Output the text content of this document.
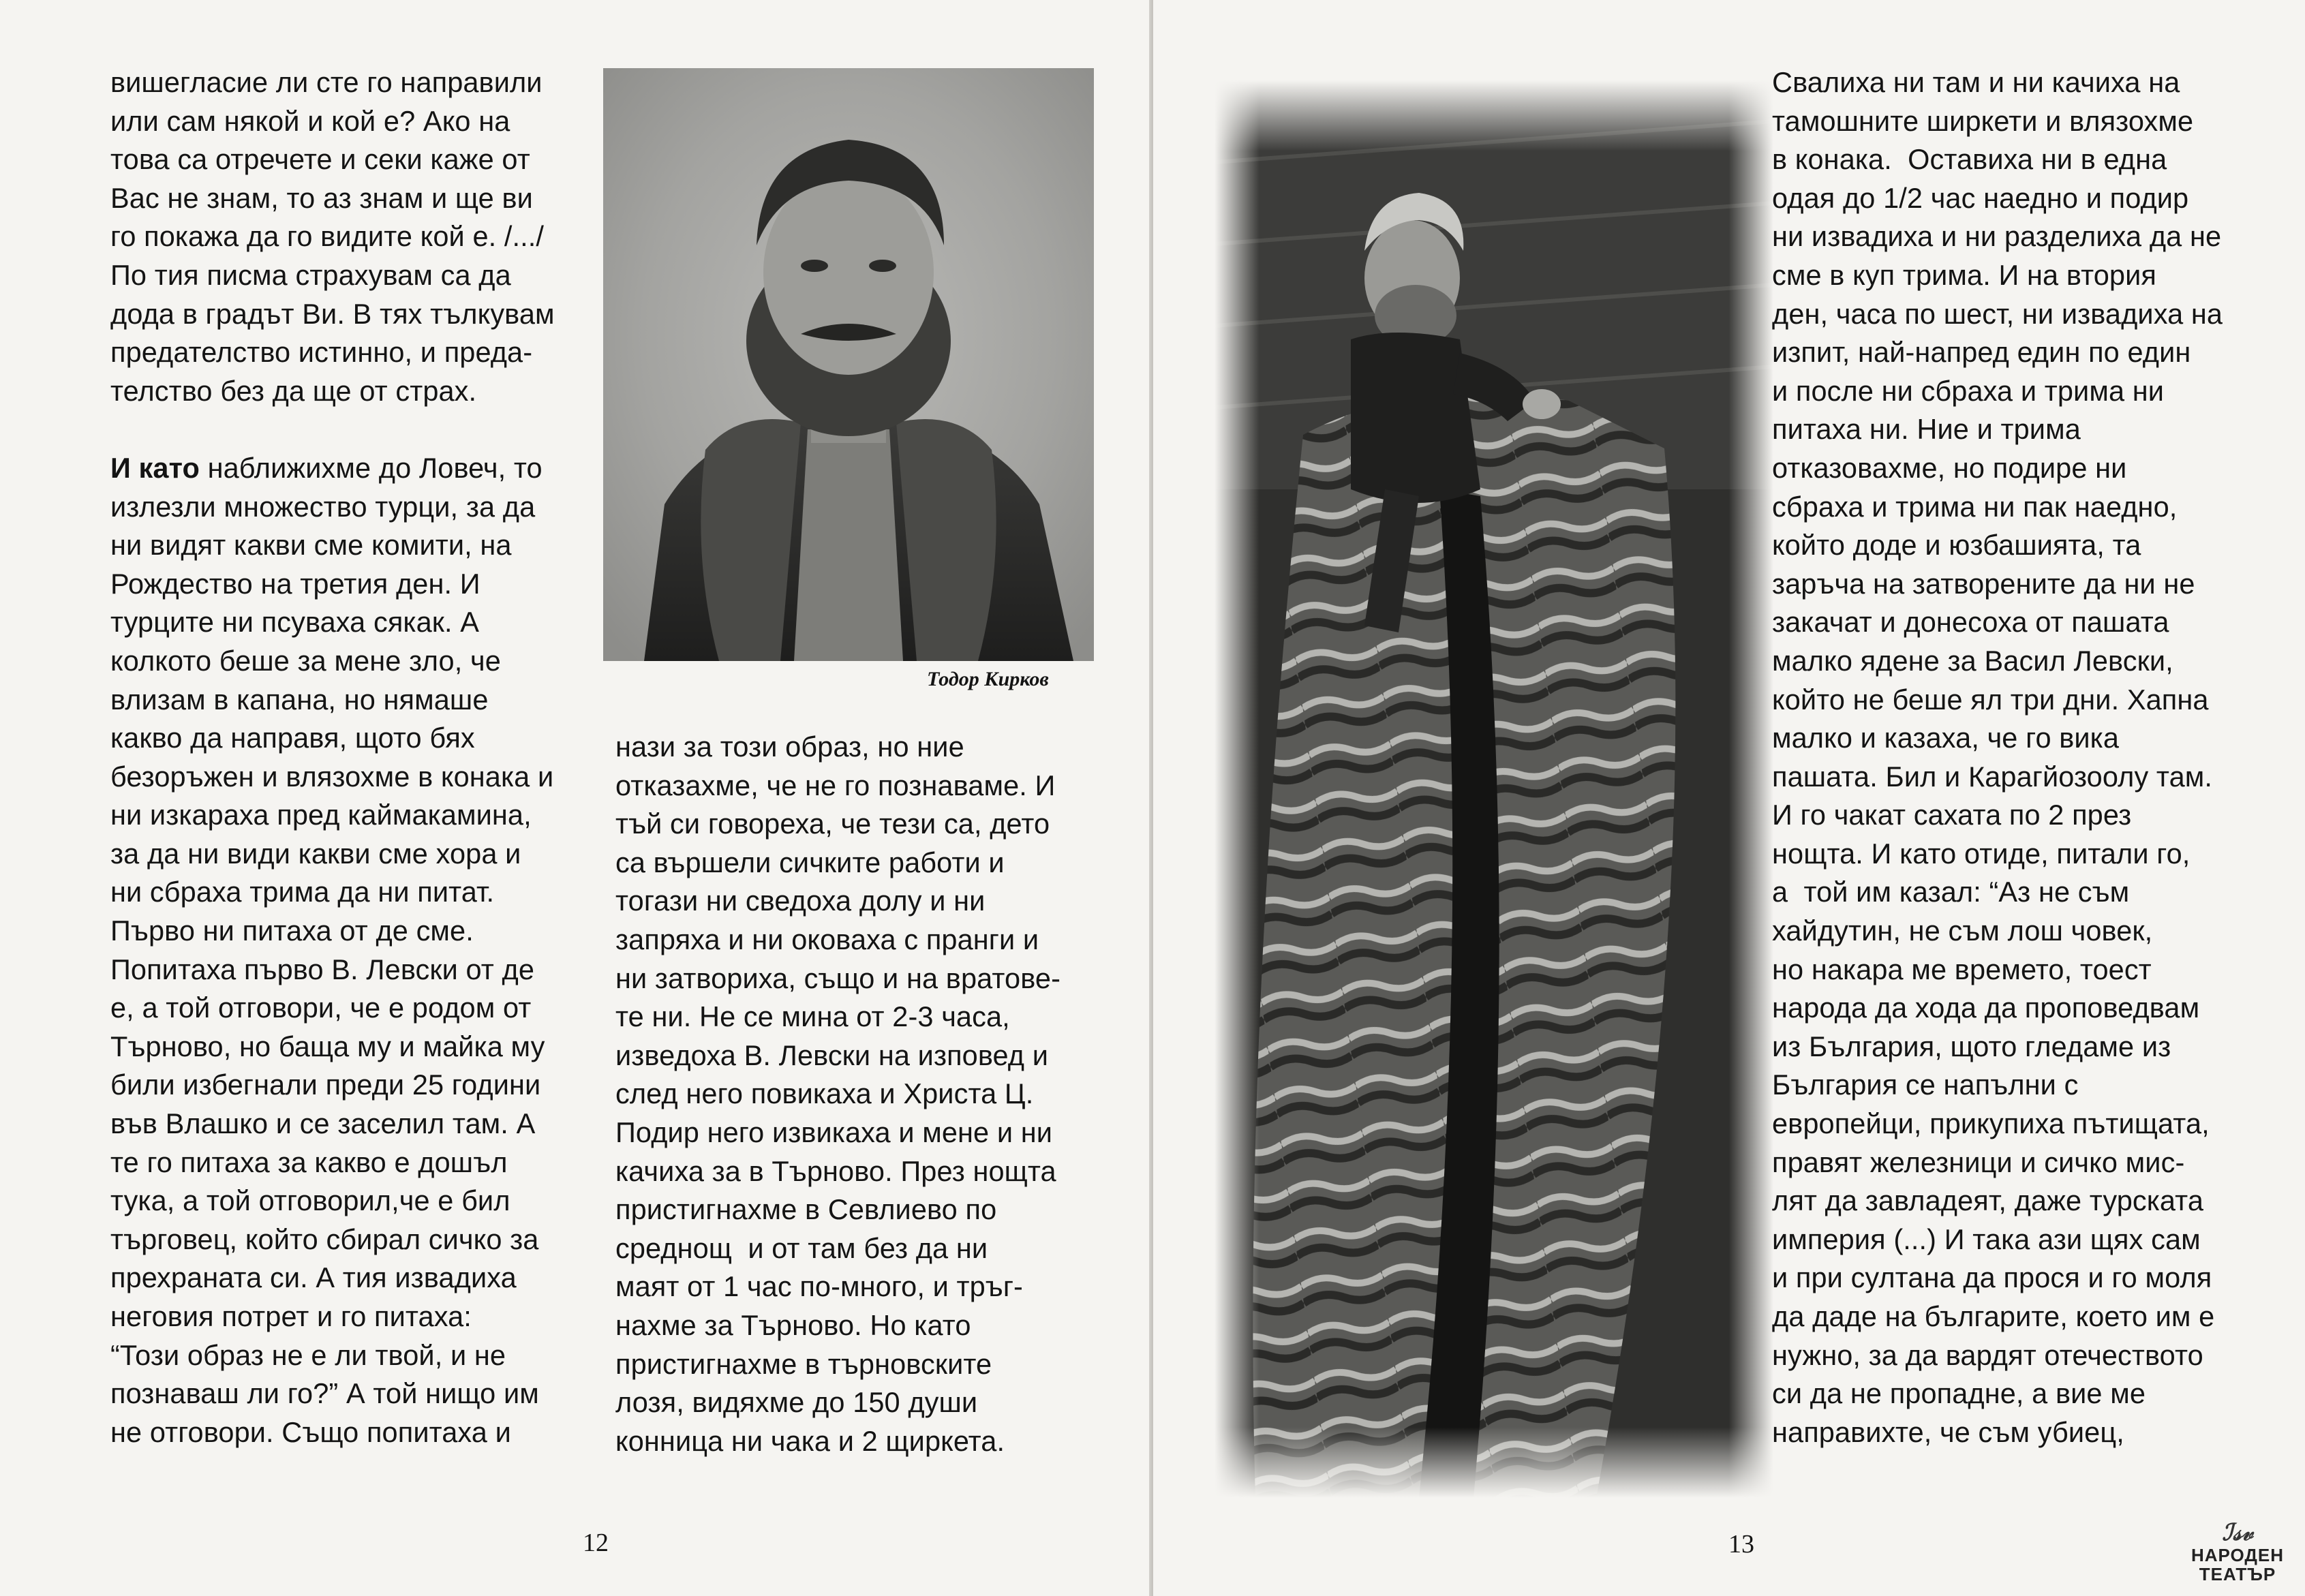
вишегласие ли сте го направили
или сам някой и кой е? Ако на
това са отречете и секи каже от
Вас не знам, то аз знам и ще ви
го покажа да го видите кой е. /.../
По тия писма страхувам са да
дода в градът Ви. В тях тълкувам
предателство истинно, и преда-
телство без да ще от страх.
И като наближихме до Ловеч, то
излезли множество турци, за да
ни видят какви сме комити, на
Рождество на третия ден. И
турците ни псуваха сякак. А
колкото беше за мене зло, че
влизам в капана, но нямаше
какво да направя, щото бях
безоръжен и влязохме в конака и
ни изкараха пред каймакамина,
за да ни види какви сме хора и
ни сбраха трима да ни питат.
Първо ни питаха от де сме.
Попитаха първо В. Левски от де
е, а той отговори, че е родом от
Търново, но баща му и майка му
били избегнали преди 25 години
във Влашко и се заселил там. А
те го питаха за какво е дошъл
тука, а той отговорил,че е бил
търговец, който сбирал сичко за
прехраната си. А тия извадиха
неговия потрет и го питаха:
“Този образ не е ли твой, и не
познаваш ли го?” А той нищо им
не отговори. Също попитаха и
Тодор Кирков
нази за този образ, но ние
отказахме, че не го познаваме. И
тъй си говореха, че тези са, дето
са вършели сичките работи и
тогази ни сведоха долу и ни
запряха и ни оковаха с пранги и
ни затвориха, също и на вратове-
те ни. Не се мина от 2-3 часа,
изведоха В. Левски на изповед и
след него повикаха и Христа Ц.
Подир него извикаха и мене и ни
качиха за в Търново. През нощта
пристигнахме в Севлиево по
среднощ  и от там без да ни
маят от 1 час по-много, и тръг-
нахме за Търново. Но като
пристигнахме в търновските
лозя, видяхме до 150 души
конница ни чака и 2 щиркета.
12
Свалиха ни там и ни качиха на
тамошните ширкети и влязохме
в конака.  Оставиха ни в една
одая до 1/2 час наедно и подир
ни извадиха и ни разделиха да не
сме в куп трима. И на втория
ден, часа по шест, ни извадиха на
изпит, най-напред един по един
и после ни сбраха и трима ни
питаха ни. Ние и трима
отказовахме, но подире ни
сбраха и трима ни пак наедно,
който доде и юзбашията, та
заръча на затворените да ни не
закачат и донесоха от пашата
малко ядене за Васил Левски,
който не беше ял три дни. Хапна
малко и казаха, че го вика
пашата. Бил и Карагйозоолу там.
И го чакат сахата по 2 през
нощта. И като отиде, питали го,
а  той им казал: “Аз не съм
хайдутин, не съм лош човек,
но накара ме времето, тоест
народа да хода да проповедвам
из България, щото гледаме из
България се напълни с
европейци, прикупиха пътищата,
правят железници и сичко мис-
лят да завладеят, даже турската
империя (...) И така ази щях сам
и при султана да прося и го моля
да даде на българите, което им е
нужно, за да вардят отечеството
си да не пропадне, а вие ме
направихте, че съм убиец,
13	ℐ𝓈𝓋
НАРОДЕН
ТЕАТЪР
